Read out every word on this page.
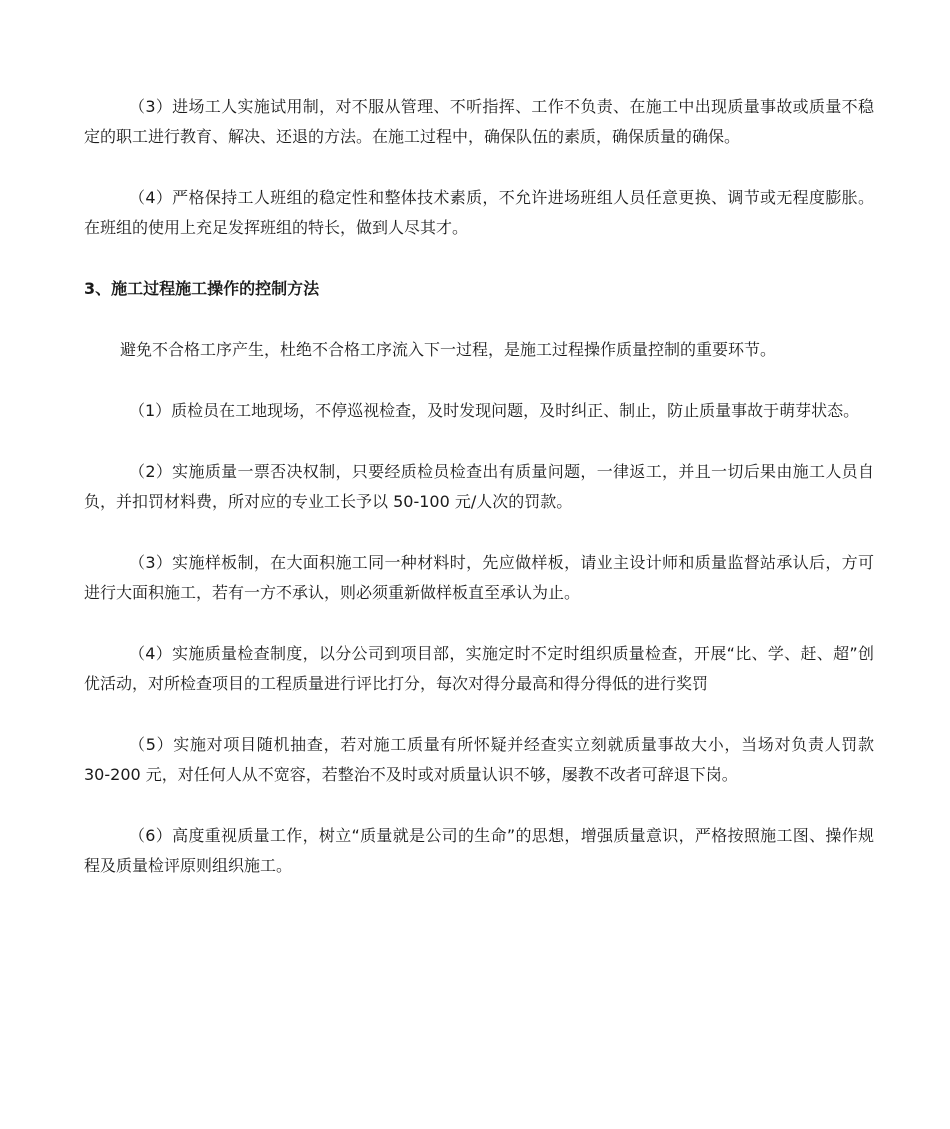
（3）进场工人实施试用制，对不服从管理、不听指挥、工作不负责、在施工中出现质量事故或质量不稳定的职工进行教育、解决、还退的方法。在施工过程中，确保队伍的素质，确保质量的确保。

（4）严格保持工人班组的稳定性和整体技术素质，不允许进场班组人员任意更换、调节或无程度膨胀。在班组的使用上充足发挥班组的特长，做到人尽其才。

3、施工过程施工操作的控制方法

避免不合格工序产生，杜绝不合格工序流入下一过程，是施工过程操作质量控制的重要环节。

（1）质检员在工地现场，不停巡视检查，及时发现问题，及时纠正、制止，防止质量事故于萌芽状态。

（2）实施质量一票否决权制，只要经质检员检查出有质量问题，一律返工，并且一切后果由施工人员自负，并扣罚材料费，所对应的专业工长予以 50-100 元/人次的罚款。

（3）实施样板制，在大面积施工同一种材料时，先应做样板，请业主设计师和质量监督站承认后，方可进行大面积施工，若有一方不承认，则必须重新做样板直至承认为止。

（4）实施质量检查制度，以分公司到项目部，实施定时不定时组织质量检查，开展“比、学、赶、超”创优活动，对所检查项目的工程质量进行评比打分，每次对得分最高和得分得低的进行奖罚

（5）实施对项目随机抽查，若对施工质量有所怀疑并经查实立刻就质量事故大小，当场对负责人罚款 30-200 元，对任何人从不宽容，若整治不及时或对质量认识不够，屡教不改者可辞退下岗。

（6）高度重视质量工作，树立“质量就是公司的生命”的思想，增强质量意识，严格按照施工图、操作规程及质量检评原则组织施工。
